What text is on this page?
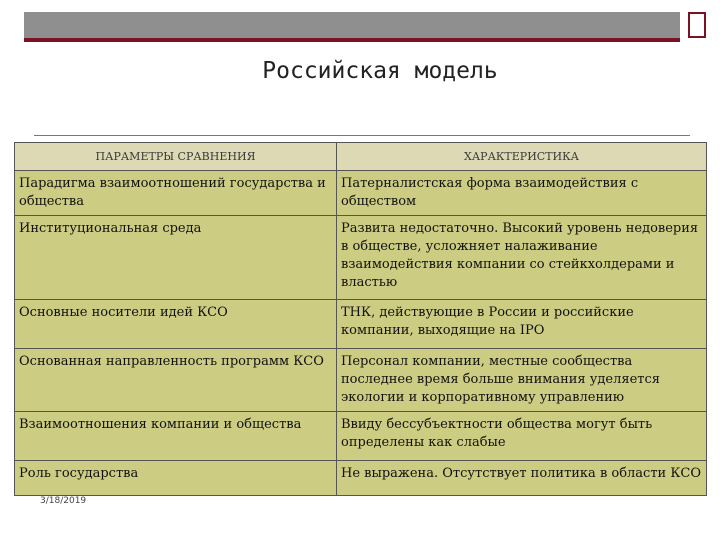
Российская модель
ПАРАМЕТРЫ СРАВНЕНИЯ	ХАРАКТЕРИСТИКА
Парадигма взаимоотношений государства и общества	Патерналистская форма взаимодействия с обществом
Институциональная среда	Развита недостаточно. Высокий уровень недоверия в обществе, усложняет налаживание взаимодействия компании со стейкхолдерами и властью
Основные носители идей КСО	ТНК, действующие в России и российские компании, выходящие на IPO
Основанная направленность программ КСО	Персонал компании, местные сообщества последнее время больше внимания уделяется экологии и корпоративному управлению
Взаимоотношения компании и общества	Ввиду бессубъектности общества могут быть определены как слабые
Роль государства	Не выражена. Отсутствует политика в области КСО
3/18/2019
